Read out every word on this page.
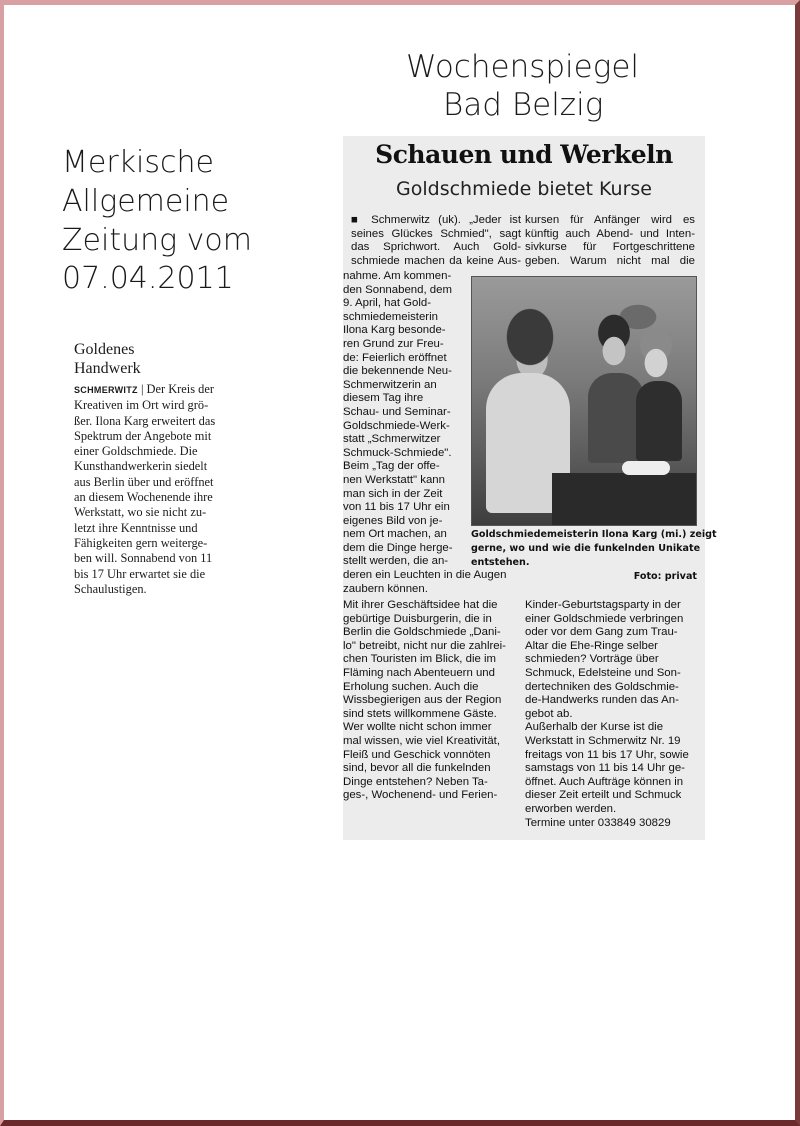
Wochenspiegel
Bad Belzig
Merkische
Allgemeine
Zeitung vom
07.04.2011
Goldenes
Handwerk
SCHMERWITZ | Der Kreis der
Kreativen im Ort wird grö-
ßer. Ilona Karg erweitert das
Spektrum der Angebote mit
einer Goldschmiede. Die
Kunsthandwerkerin siedelt
aus Berlin über und eröffnet
an diesem Wochenende ihre
Werkstatt, wo sie nicht zu-
letzt ihre Kenntnisse und
Fähigkeiten gern weiterge-
ben will. Sonnabend von 11
bis 17 Uhr erwartet sie die
Schaulustigen.
Schauen und Werkeln
Goldschmiede bietet Kurse
■ Schmerwitz (uk). „Jeder ist
seines Glückes Schmied", sagt
das Sprichwort. Auch Gold-
schmiede machen da keine Aus-
kursen für Anfänger wird es
künftig auch Abend- und Inten-
sivkurse für Fortgeschrittene
geben. Warum nicht mal die
nahme. Am kommen-
den Sonnabend, dem
9. April, hat Gold-
schmiedemeisterin
Ilona Karg besonde-
ren Grund zur Freu-
de: Feierlich eröffnet
die bekennende Neu-
Schmerwitzerin an
diesem Tag ihre
Schau- und Seminar-
Goldschmiede-Werk-
statt „Schmerwitzer
Schmuck-Schmiede".
Beim „Tag der offe-
nen Werkstatt" kann
man sich in der Zeit
von 11 bis 17 Uhr ein
eigenes Bild von je-
nem Ort machen, an
dem die Dinge herge-
stellt werden, die an-
deren ein Leuchten in die Augen
zaubern können.
Goldschmiedemeisterin Ilona Karg (mi.) zeigt
gerne, wo und wie die funkelnden Unikate
entstehen.
Foto: privat
Mit ihrer Geschäftsidee hat die
gebürtige Duisburgerin, die in
Berlin die Goldschmiede „Dani-
lo" betreibt, nicht nur die zahlrei-
chen Touristen im Blick, die im
Fläming nach Abenteuern und
Erholung suchen. Auch die
Wissbegierigen aus der Region
sind stets willkommene Gäste.
Wer wollte nicht schon immer
mal wissen, wie viel Kreativität,
Fleiß und Geschick vonnöten
sind, bevor all die funkelnden
Dinge entstehen? Neben Ta-
ges-, Wochenend- und Ferien-
Kinder-Geburtstagsparty in der
einer Goldschmiede verbringen
oder vor dem Gang zum Trau-
Altar die Ehe-Ringe selber
schmieden? Vorträge über
Schmuck, Edelsteine und Son-
dertechniken des Goldschmie-
de-Handwerks runden das An-
gebot ab.
Außerhalb der Kurse ist die
Werkstatt in Schmerwitz Nr. 19
freitags von 11 bis 17 Uhr, sowie
samstags von 11 bis 14 Uhr ge-
öffnet. Auch Aufträge können in
dieser Zeit erteilt und Schmuck
erworben werden.
Termine unter 033849 30829
